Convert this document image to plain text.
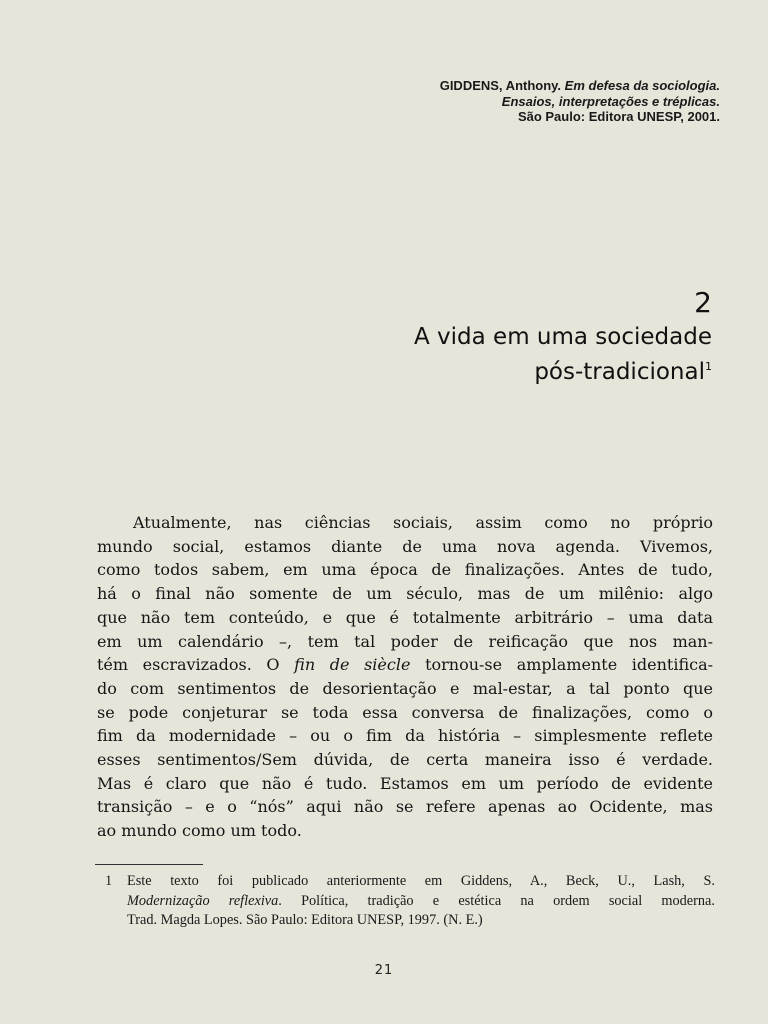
GIDDENS, Anthony. Em defesa da sociologia.
Ensaios, interpretações e tréplicas.
São Paulo: Editora UNESP, 2001.
2
A vida em uma sociedade
pós-tradicional$^1$
Atualmente, nas ciências sociais, assim como no próprio
mundo social, estamos diante de uma nova agenda. Vivemos,
como todos sabem, em uma época de finalizações. Antes de tudo,
há o final não somente de um século, mas de um milênio: algo
que não tem conteúdo, e que é totalmente arbitrário – uma data
em um calendário –, tem tal poder de reificação que nos man-
tém escravizados. O fin de siècle tornou-se amplamente identifica-
do com sentimentos de desorientação e mal-estar, a tal ponto que
se pode conjeturar se toda essa conversa de finalizações, como o
fim da modernidade – ou o fim da história – simplesmente reflete
esses sentimentos/Sem dúvida, de certa maneira isso é verdade.
Mas é claro que não é tudo. Estamos em um período de evidente
transição – e o “nós” aqui não se refere apenas ao Ocidente, mas
ao mundo como um todo.
1 Este texto foi publicado anteriormente em Giddens, A., Beck, U., Lash, S.
Modernização reflexiva. Política, tradição e estética na ordem social moderna.
Trad. Magda Lopes. São Paulo: Editora UNESP, 1997. (N. E.)
21
